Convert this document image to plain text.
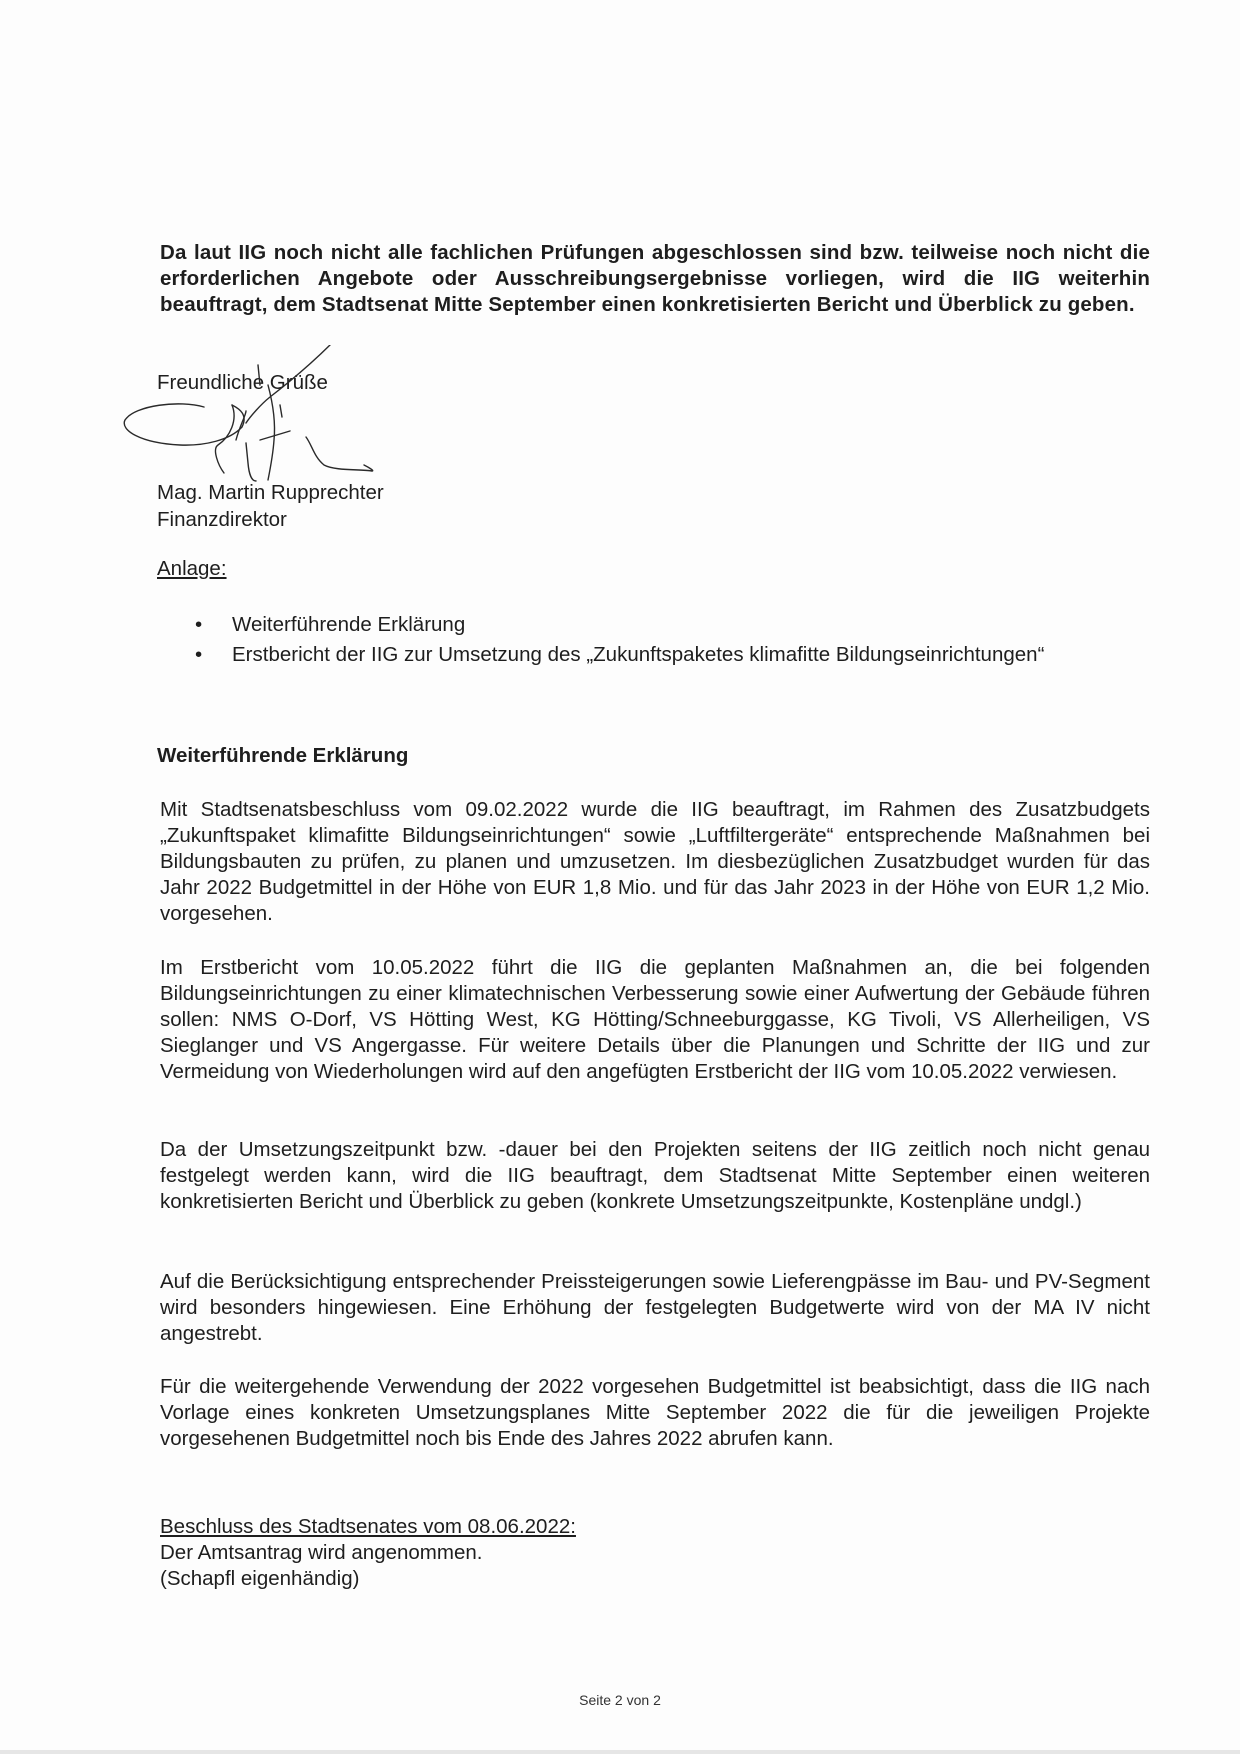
Da laut IIG noch nicht alle fachlichen Prüfungen abgeschlossen sind bzw. teilweise noch nicht die erforderlichen Angebote oder Ausschreibungsergebnisse vorliegen, wird die IIG weiterhin beauftragt, dem Stadtsenat Mitte September einen konkretisierten Bericht und Überblick zu geben.

Freundliche Grüße
Mag. Martin Rupprechter
Finanzdirektor
Anlage:
• Weiterführende Erklärung
• Erstbericht der IIG zur Umsetzung des „Zukunftspaketes klimafitte Bildungseinrichtungen“
Weiterführende Erklärung

Mit Stadtsenatsbeschluss vom 09.02.2022 wurde die IIG beauftragt, im Rahmen des Zusatzbudgets „Zukunftspaket klimafitte Bildungseinrichtungen“ sowie „Luftfiltergeräte“ entsprechende Maßnahmen bei Bildungsbauten zu prüfen, zu planen und umzusetzen. Im diesbezüglichen Zusatzbudget wurden für das Jahr 2022 Budgetmittel in der Höhe von EUR 1,8 Mio. und für das Jahr 2023 in der Höhe von EUR 1,2 Mio. vorgesehen.

Im Erstbericht vom 10.05.2022 führt die IIG die geplanten Maßnahmen an, die bei folgenden Bildungseinrichtungen zu einer klimatechnischen Verbesserung sowie einer Aufwertung der Gebäude führen sollen: NMS O-Dorf, VS Hötting West, KG Hötting/Schneeburggasse, KG Tivoli, VS Allerheiligen, VS Sieglanger und VS Angergasse. Für weitere Details über die Planungen und Schritte der IIG und zur Vermeidung von Wiederholungen wird auf den angefügten Erstbericht der IIG vom 10.05.2022 verwiesen.

Da der Umsetzungszeitpunkt bzw. -dauer bei den Projekten seitens der IIG zeitlich noch nicht genau festgelegt werden kann, wird die IIG beauftragt, dem Stadtsenat Mitte September einen weiteren konkretisierten Bericht und Überblick zu geben (konkrete Umsetzungszeitpunkte, Kostenpläne undgl.)

Auf die Berücksichtigung entsprechender Preissteigerungen sowie Lieferengpässe im Bau- und PV-Segment wird besonders hingewiesen. Eine Erhöhung der festgelegten Budgetwerte wird von der MA IV nicht angestrebt.

Für die weitergehende Verwendung der 2022 vorgesehen Budgetmittel ist beabsichtigt, dass die IIG nach Vorlage eines konkreten Umsetzungsplanes Mitte September 2022 die für die jeweiligen Projekte vorgesehenen Budgetmittel noch bis Ende des Jahres 2022 abrufen kann.

Beschluss des Stadtsenates vom 08.06.2022:
Der Amtsantrag wird angenommen.
(Schapfl eigenhändig)
Seite 2 von 2
